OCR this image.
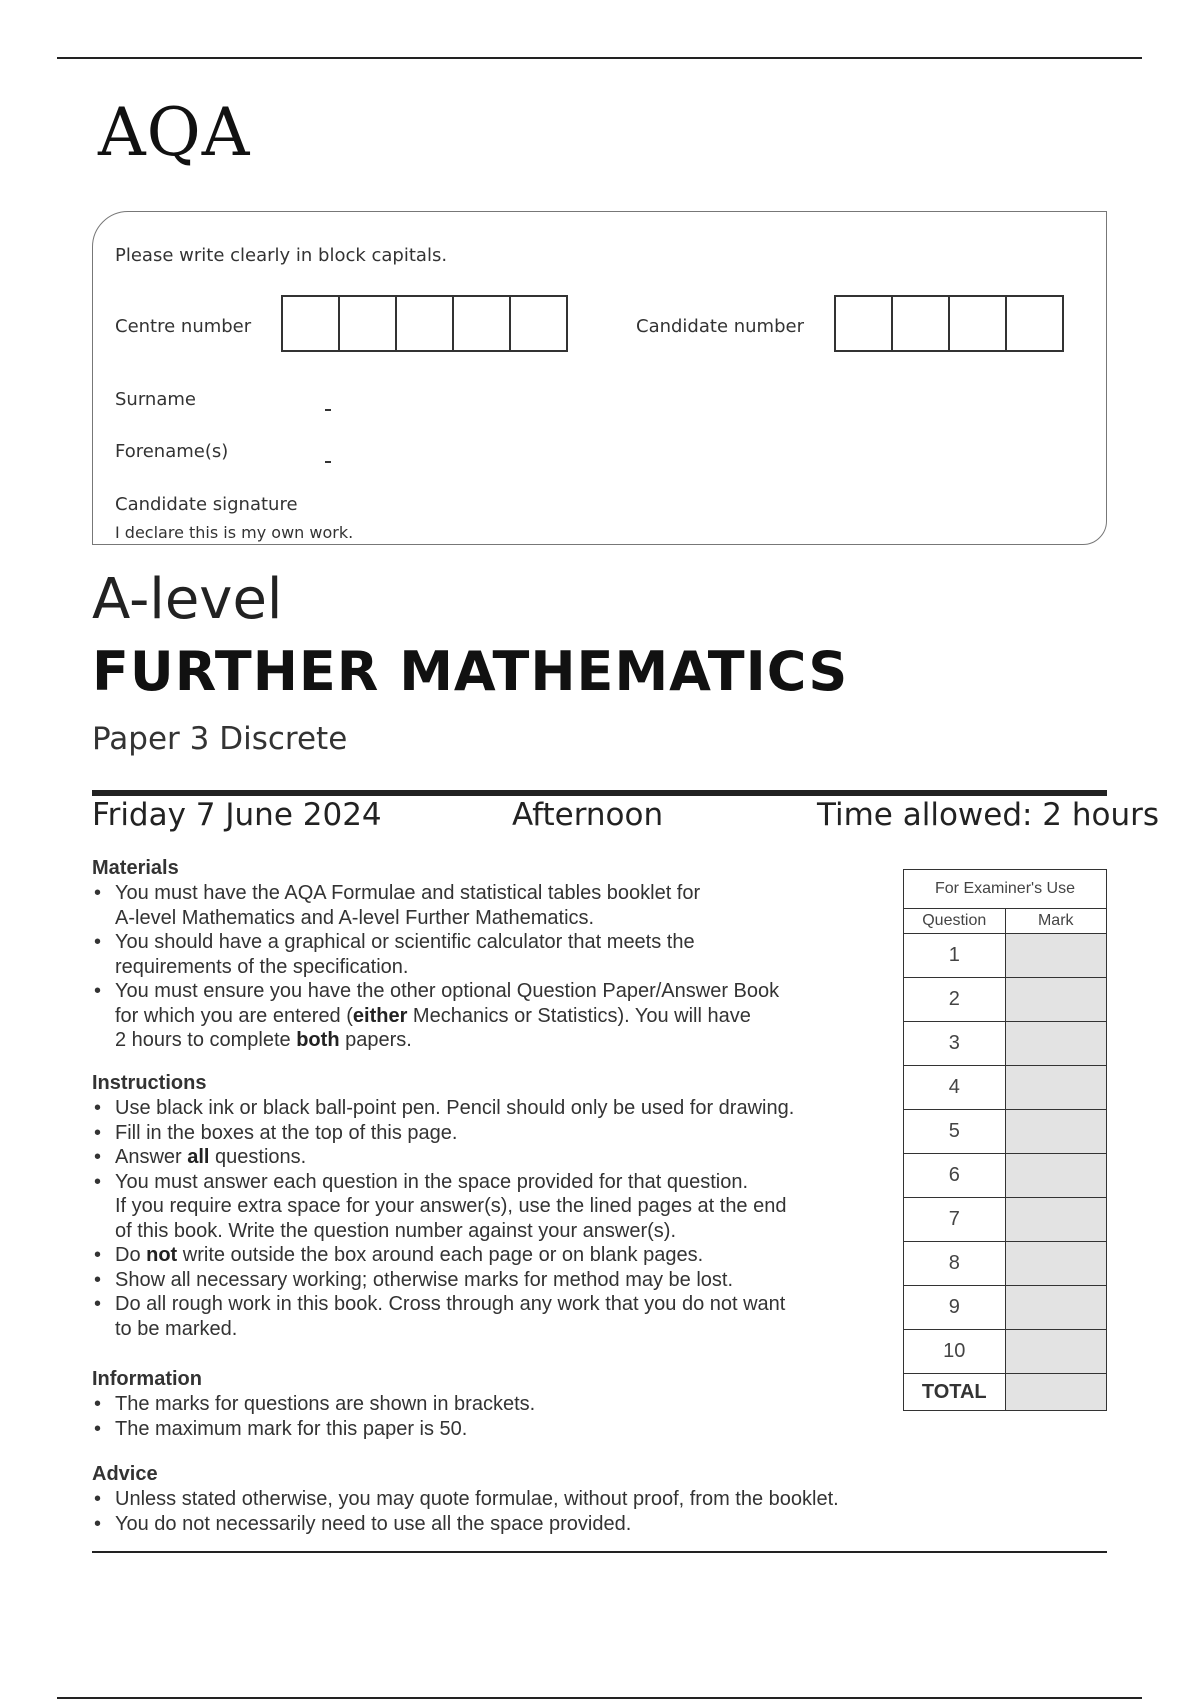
AQA
Please write clearly in block capitals.
Centre number	Candidate number
Surname
Forename(s)
Candidate signature
I declare this is my own work.
A-level
FURTHER MATHEMATICS
Paper 3 Discrete
Friday 7 June 2024	Afternoon	Time allowed: 2 hours
Materials
• You must have the AQA Formulae and statistical tables booklet for
A-level Mathematics and A-level Further Mathematics.
• You should have a graphical or scientific calculator that meets the
requirements of the specification.
• You must ensure you have the other optional Question Paper/Answer Book
for which you are entered (either Mechanics or Statistics). You will have
2 hours to complete both papers.
Instructions
• Use black ink or black ball-point pen. Pencil should only be used for drawing.
• Fill in the boxes at the top of this page.
• Answer all questions.
• You must answer each question in the space provided for that question.
If you require extra space for your answer(s), use the lined pages at the end
of this book. Write the question number against your answer(s).
• Do not write outside the box around each page or on blank pages.
• Show all necessary working; otherwise marks for method may be lost.
• Do all rough work in this book. Cross through any work that you do not want
to be marked.
Information
• The marks for questions are shown in brackets.
• The maximum mark for this paper is 50.
Advice
• Unless stated otherwise, you may quote formulae, without proof, from the booklet.
• You do not necessarily need to use all the space provided.
For Examiner's Use	
Question	Mark
1	
2	
3	
4	
5	
6	
7	
8	
9	
10	
TOTAL	
